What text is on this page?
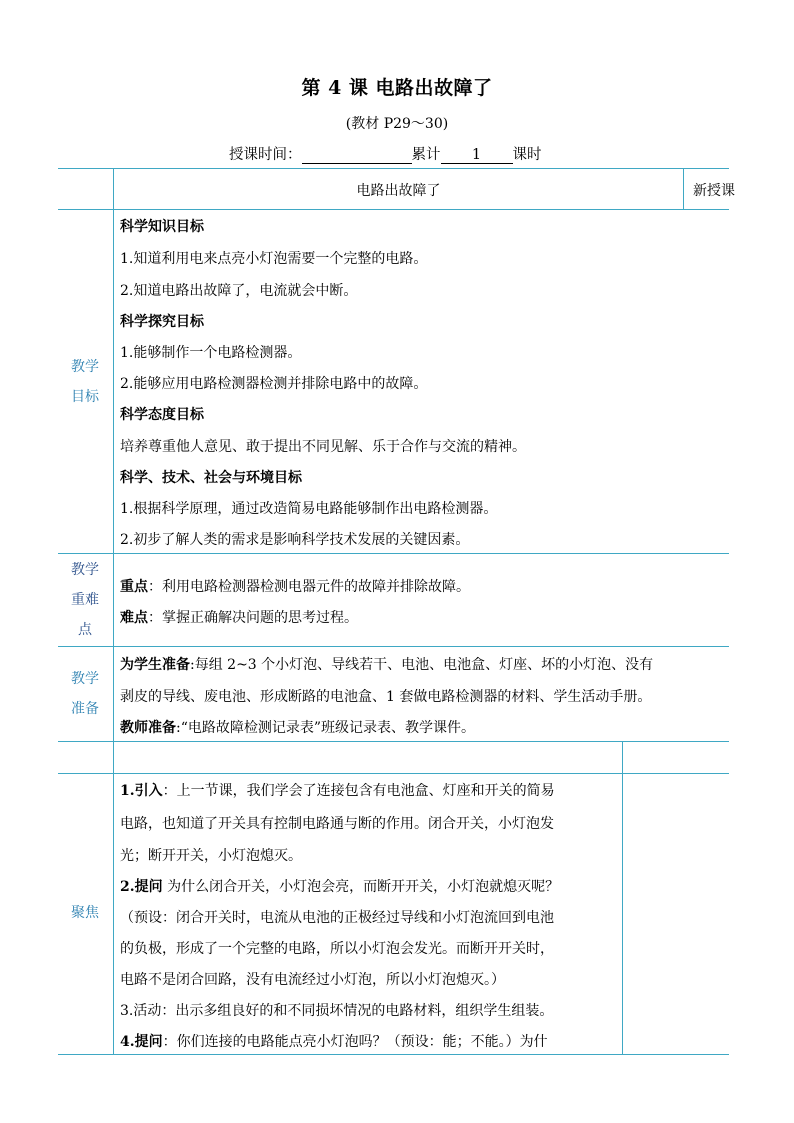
第 4 课 电路出故障了
(教材 P29～30)
授课时间：	累计 1 课时
电路出故障了	新授课
教学
目标
科学知识目标
1.知道利用电来点亮小灯泡需要一个完整的电路。
2.知道电路出故障了，电流就会中断。
科学探究目标
1.能够制作一个电路检测器。
2.能够应用电路检测器检测并排除电路中的故障。
科学态度目标
培养尊重他人意见、敢于提出不同见解、乐于合作与交流的精神。
科学、技术、社会与环境目标
1.根据科学原理，通过改造简易电路能够制作出电路检测器。
2.初步了解人类的需求是影响科学技术发展的关键因素。
教学
重难
点
重点：利用电路检测器检测电器元件的故障并排除故障。
难点：掌握正确解决问题的思考过程。
教学
准备
为学生准备:每组 2~3 个小灯泡、导线若干、电池、电池盒、灯座、坏的小灯泡、没有
剥皮的导线、废电池、形成断路的电池盒、1 套做电路检测器的材料、学生活动手册。
教师准备:“电路故障检测记录表”班级记录表、教学课件。
聚焦
1.引入：上一节课，我们学会了连接包含有电池盒、灯座和开关的简易
电路，也知道了开关具有控制电路通与断的作用。闭合开关，小灯泡发
光；断开开关，小灯泡熄灭。
2.提问 为什么闭合开关，小灯泡会亮，而断开开关，小灯泡就熄灭呢？
（预设：闭合开关时，电流从电池的正极经过导线和小灯泡流回到电池
的负极，形成了一个完整的电路，所以小灯泡会发光。而断开开关时，
电路不是闭合回路，没有电流经过小灯泡，所以小灯泡熄灭。）
3.活动：出示多组良好的和不同损坏情况的电路材料，组织学生组装。
4.提问：你们连接的电路能点亮小灯泡吗？（预设：能；不能。）为什
